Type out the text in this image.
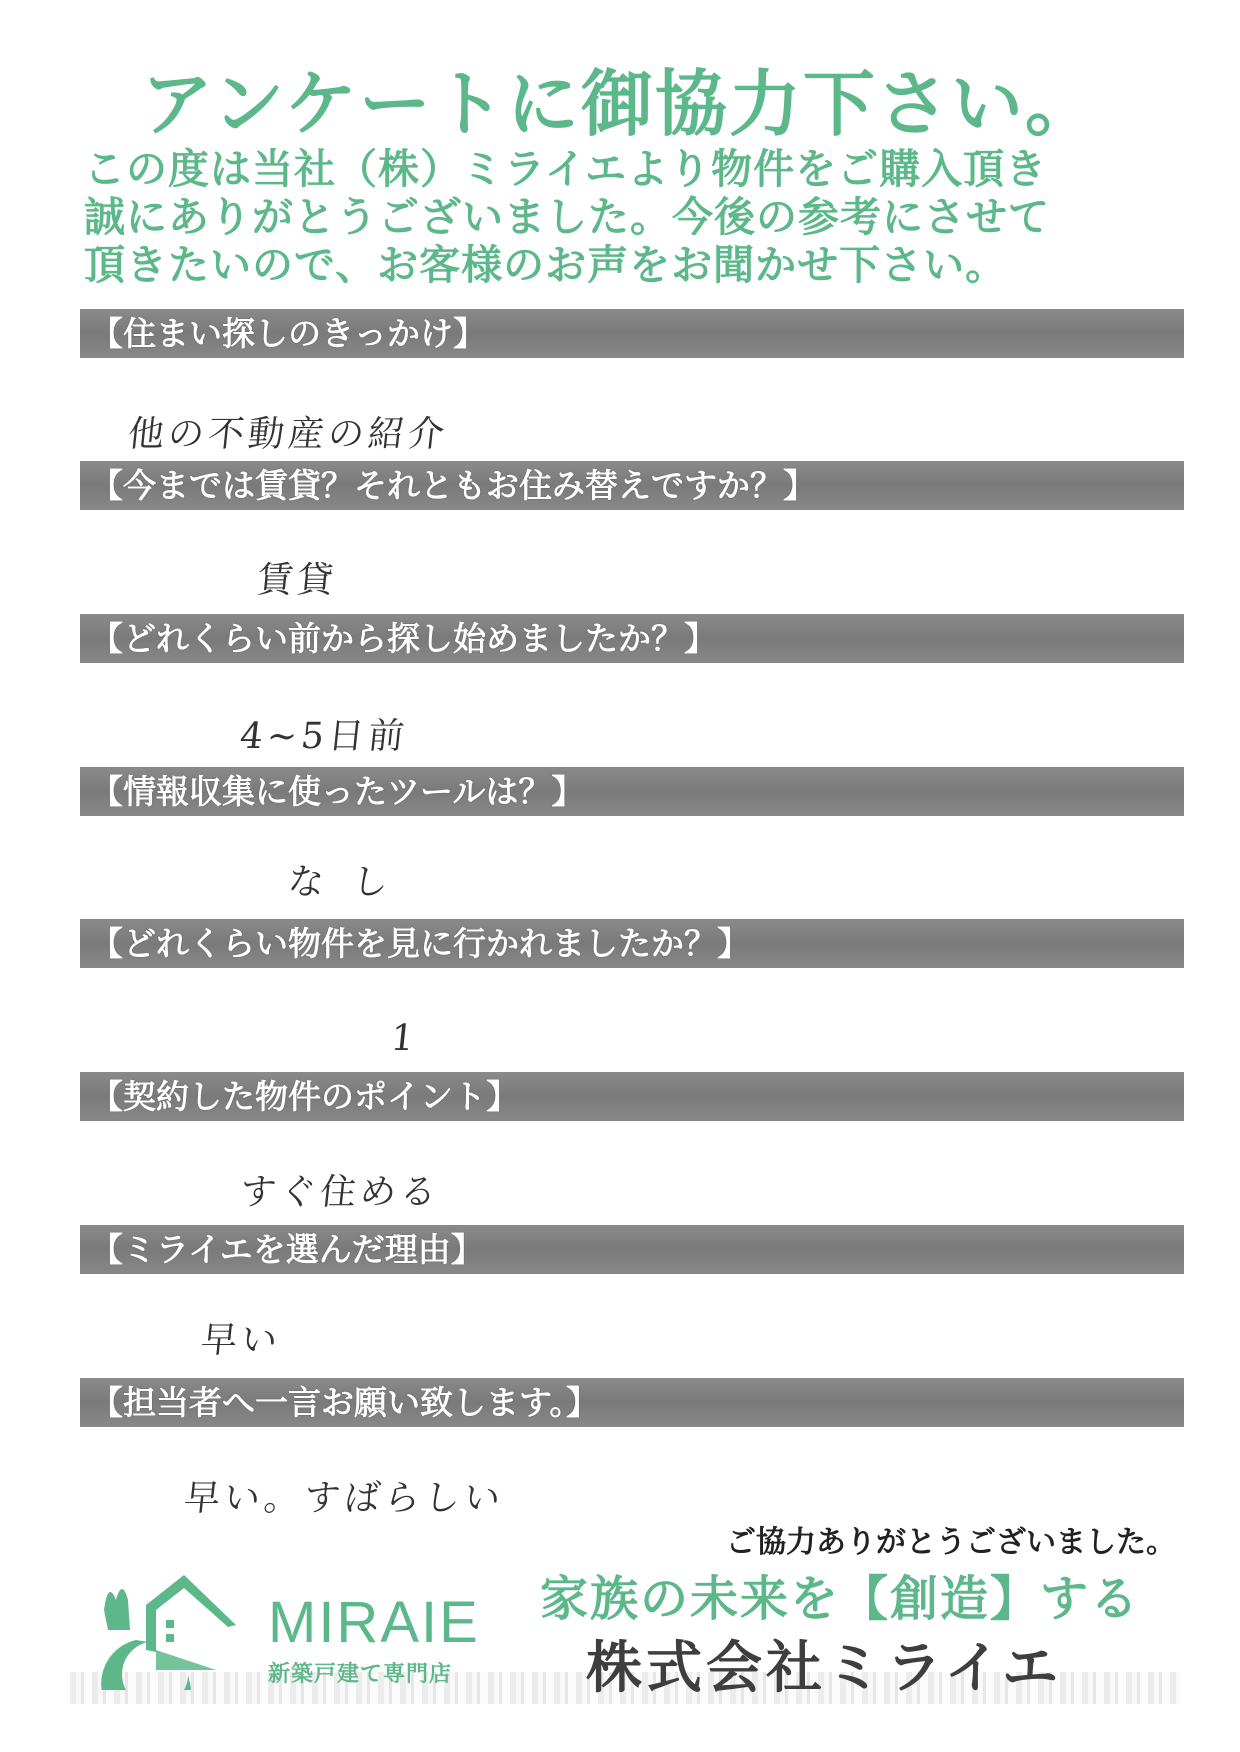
アンケートに御協力下さい。
この度は当社（株）ミライエより物件をご購入頂き
誠にありがとうございました。今後の参考にさせて
頂きたいので、お客様のお声をお聞かせ下さい。
【住まい探しのきっかけ】
他の不動産の紹介
【今までは賃貸？それともお住み替えですか？】
賃貸
【どれくらい前から探し始めましたか？】
4~5日前
【情報収集に使ったツールは？】
なし
【どれくらい物件を見に行かれましたか？】
1
【契約した物件のポイント】
すぐ住める
【ミライエを選んだ理由】
早い
【担当者へ一言お願い致します。】
早い。すばらしい
ご協力ありがとうございました。
MIRAIE
新築戸建て専門店
家族の未来を【創造】する
株式会社ミライエ
